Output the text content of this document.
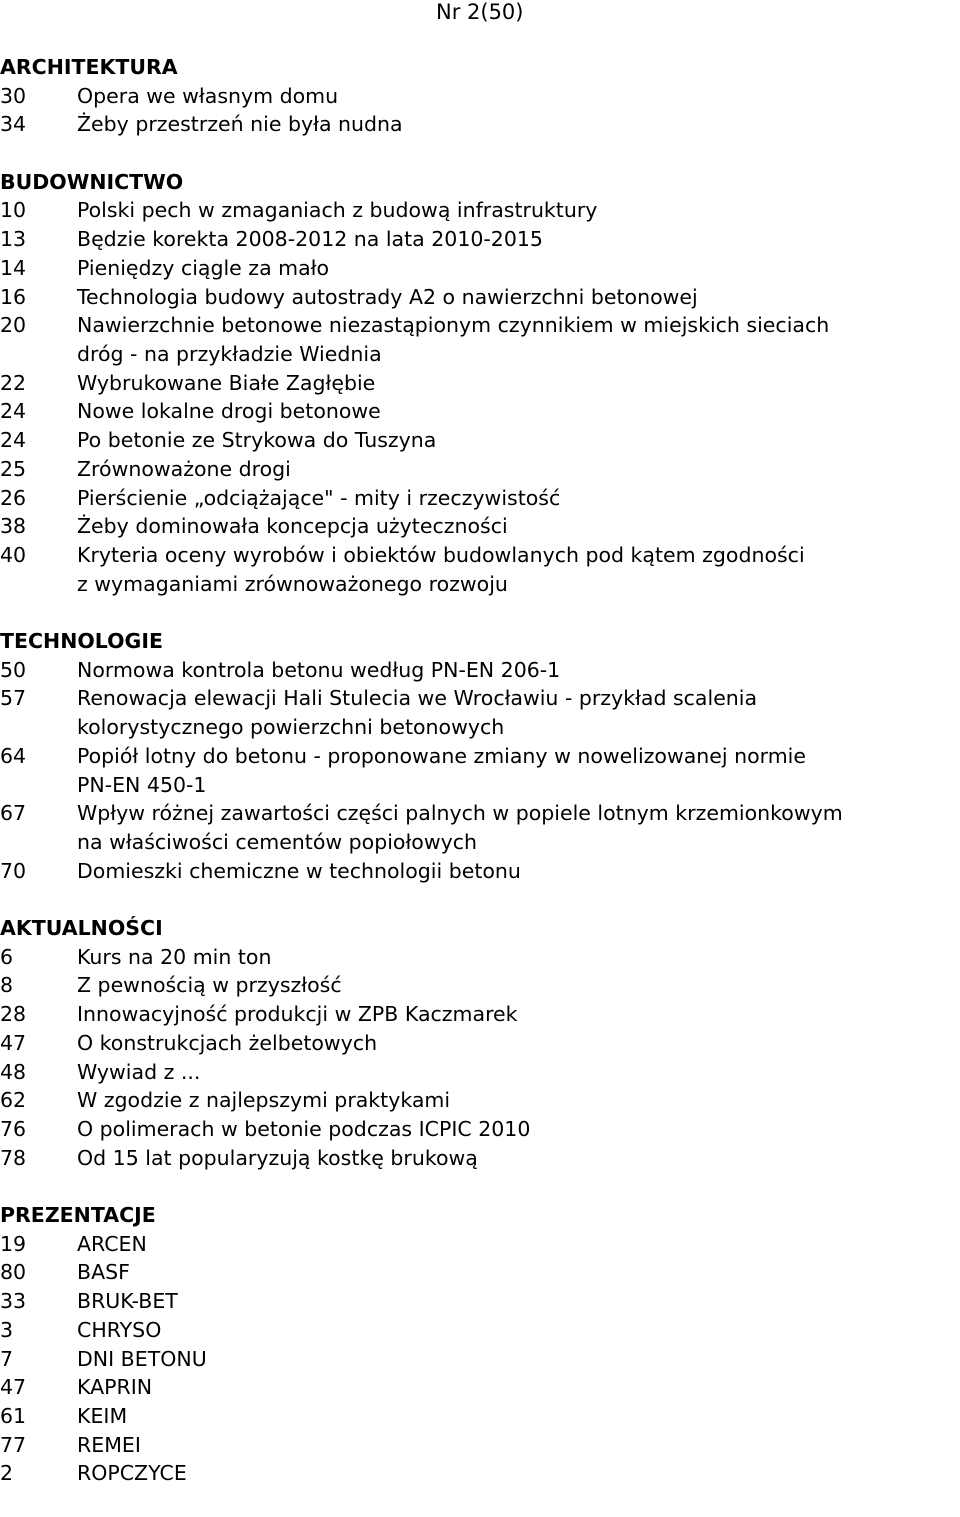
Nr 2(50)
ARCHITEKTURA
30	Opera we własnym domu
34	Żeby przestrzeń nie była nudna
BUDOWNICTWO
10	Polski pech w zmaganiach z budową infrastruktury
13	Będzie korekta 2008-2012 na lata 2010-2015
14	Pieniędzy ciągle za mało
16	Technologia budowy autostrady A2 o nawierzchni betonowej
20	Nawierzchnie betonowe niezastąpionym czynnikiem w miejskich sieciach
dróg - na przykładzie Wiednia
22	Wybrukowane Białe Zagłębie
24	Nowe lokalne drogi betonowe
24	Po betonie ze Strykowa do Tuszyna
25	Zrównoważone drogi
26	Pierścienie „odciążające" - mity i rzeczywistość
38	Żeby dominowała koncepcja użyteczności
40	Kryteria oceny wyrobów i obiektów budowlanych pod kątem zgodności
z wymaganiami zrównoważonego rozwoju
TECHNOLOGIE
50	Normowa kontrola betonu według PN-EN 206-1
57	Renowacja elewacji Hali Stulecia we Wrocławiu - przykład scalenia
kolorystycznego powierzchni betonowych
64	Popiół lotny do betonu - proponowane zmiany w nowelizowanej normie
PN-EN 450-1
67	Wpływ różnej zawartości części palnych w popiele lotnym krzemionkowym
na właściwości cementów popiołowych
70	Domieszki chemiczne w technologii betonu
AKTUALNOŚCI
6	Kurs na 20 min ton
8	Z pewnością w przyszłość
28	Innowacyjność produkcji w ZPB Kaczmarek
47	O konstrukcjach żelbetowych
48	Wywiad z ...
62	W zgodzie z najlepszymi praktykami
76	O polimerach w betonie podczas ICPIC 2010
78	Od 15 lat popularyzują kostkę brukową
PREZENTACJE
19	ARCEN
80	BASF
33	BRUK-BET
3	CHRYSO
7	DNI BETONU
47	KAPRIN
61	KEIM
77	REMEI
2	ROPCZYCE
